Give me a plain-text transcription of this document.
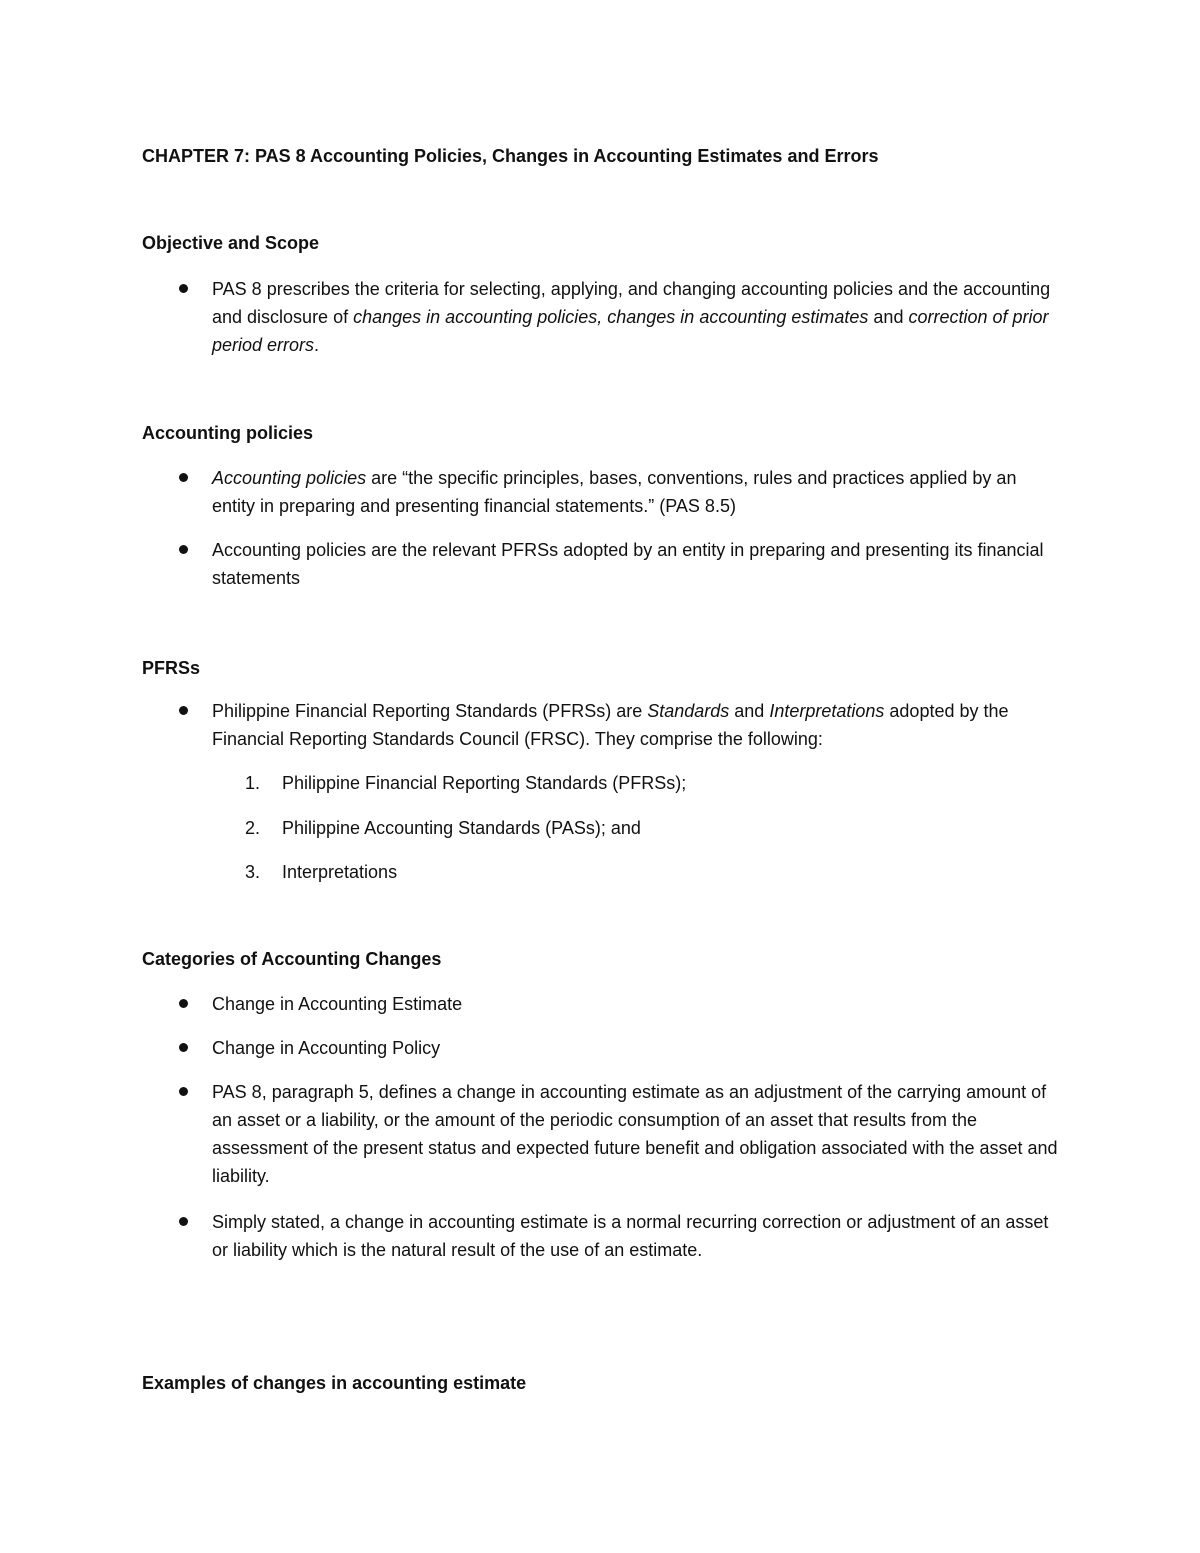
CHAPTER 7: PAS 8 Accounting Policies, Changes in Accounting Estimates and Errors
Objective and Scope
PAS 8 prescribes the criteria for selecting, applying, and changing accounting policies and the accounting and disclosure of changes in accounting policies, changes in accounting estimates and correction of prior period errors.
Accounting policies
Accounting policies are “the specific principles, bases, conventions, rules and practices applied by an entity in preparing and presenting financial statements.” (PAS 8.5)
Accounting policies are the relevant PFRSs adopted by an entity in preparing and presenting its financial statements
PFRSs
Philippine Financial Reporting Standards (PFRSs) are Standards and Interpretations adopted by the Financial Reporting Standards Council (FRSC). They comprise the following:
1.	Philippine Financial Reporting Standards (PFRSs);
2.	Philippine Accounting Standards (PASs); and
3.	Interpretations
Categories of Accounting Changes
Change in Accounting Estimate
Change in Accounting Policy
PAS 8, paragraph 5, defines a change in accounting estimate as an adjustment of the carrying amount of an asset or a liability, or the amount of the periodic consumption of an asset that results from the assessment of the present status and expected future benefit and obligation associated with the asset and liability.
Simply stated, a change in accounting estimate is a normal recurring correction or adjustment of an asset or liability which is the natural result of the use of an estimate.
Examples of changes in accounting estimate
